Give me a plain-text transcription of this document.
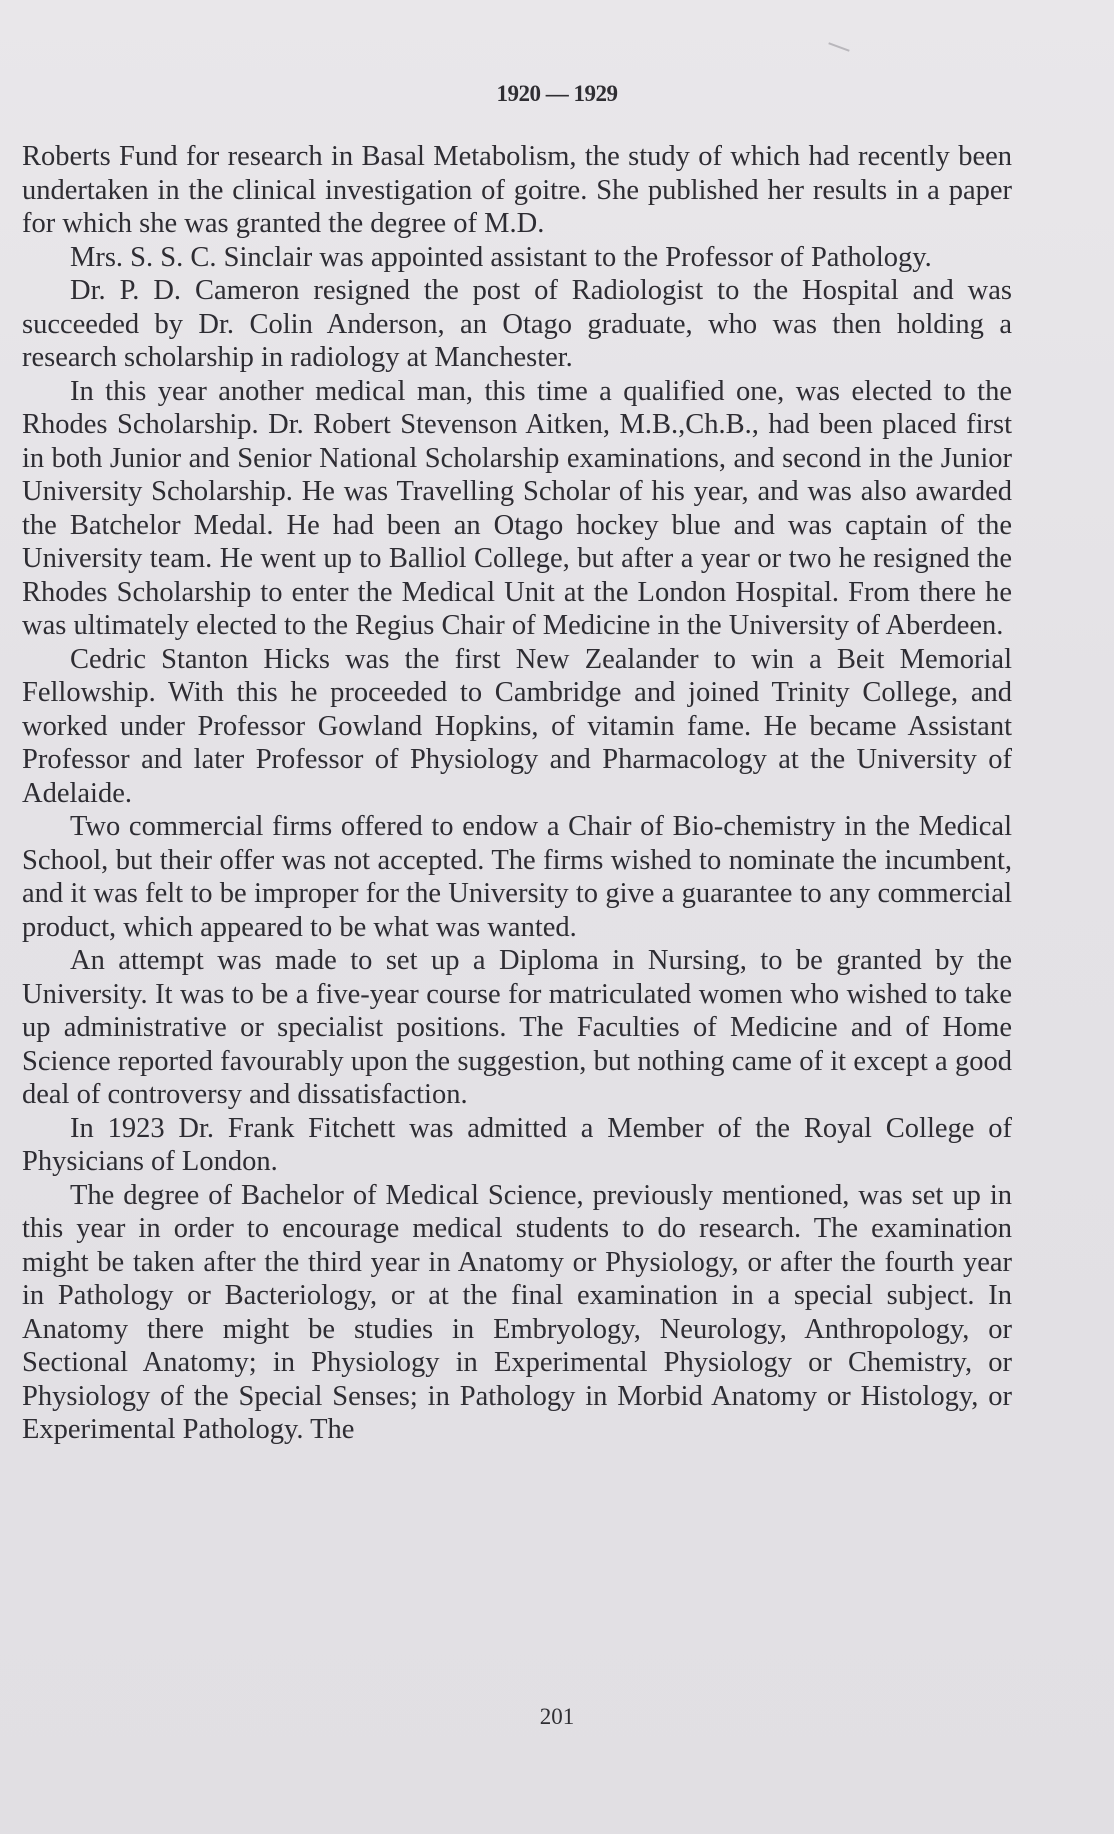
1920 — 1929

Roberts Fund for research in Basal Metabolism, the study of which had recently been undertaken in the clinical investigation of goitre. She published her results in a paper for which she was granted the degree of M.D.

Mrs. S. S. C. Sinclair was appointed assistant to the Professor of Pathology.

Dr. P. D. Cameron resigned the post of Radiologist to the Hospital and was succeeded by Dr. Colin Anderson, an Otago graduate, who was then holding a research scholarship in radiology at Manchester.

In this year another medical man, this time a qualified one, was elected to the Rhodes Scholarship. Dr. Robert Stevenson Aitken, M.B.,Ch.B., had been placed first in both Junior and Senior National Scholarship examinations, and second in the Junior University Scholarship. He was Travelling Scholar of his year, and was also awarded the Batchelor Medal. He had been an Otago hockey blue and was captain of the University team. He went up to Balliol College, but after a year or two he resigned the Rhodes Scholarship to enter the Medical Unit at the London Hospital. From there he was ultimately elected to the Regius Chair of Medicine in the University of Aberdeen.

Cedric Stanton Hicks was the first New Zealander to win a Beit Memorial Fellowship. With this he proceeded to Cambridge and joined Trinity College, and worked under Professor Gowland Hopkins, of vitamin fame. He became Assistant Professor and later Professor of Physiology and Pharmacology at the University of Adelaide.

Two commercial firms offered to endow a Chair of Bio-chemistry in the Medical School, but their offer was not accepted. The firms wished to nominate the incumbent, and it was felt to be improper for the University to give a guarantee to any commercial product, which appeared to be what was wanted.

An attempt was made to set up a Diploma in Nursing, to be granted by the University. It was to be a five-year course for matriculated women who wished to take up administrative or specialist positions. The Faculties of Medicine and of Home Science reported favourably upon the suggestion, but nothing came of it except a good deal of controversy and dissatisfaction.

In 1923 Dr. Frank Fitchett was admitted a Member of the Royal College of Physicians of London.

The degree of Bachelor of Medical Science, previously mentioned, was set up in this year in order to encourage medical students to do research. The examination might be taken after the third year in Anatomy or Physiology, or after the fourth year in Pathology or Bacteriology, or at the final examination in a special subject. In Anatomy there might be studies in Embryology, Neurology, Anthropology, or Sectional Anatomy; in Physiology in Experimental Physiology or Chemistry, or Physiology of the Special Senses; in Pathology in Morbid Anatomy or Histology, or Experimental Pathology. The

201
